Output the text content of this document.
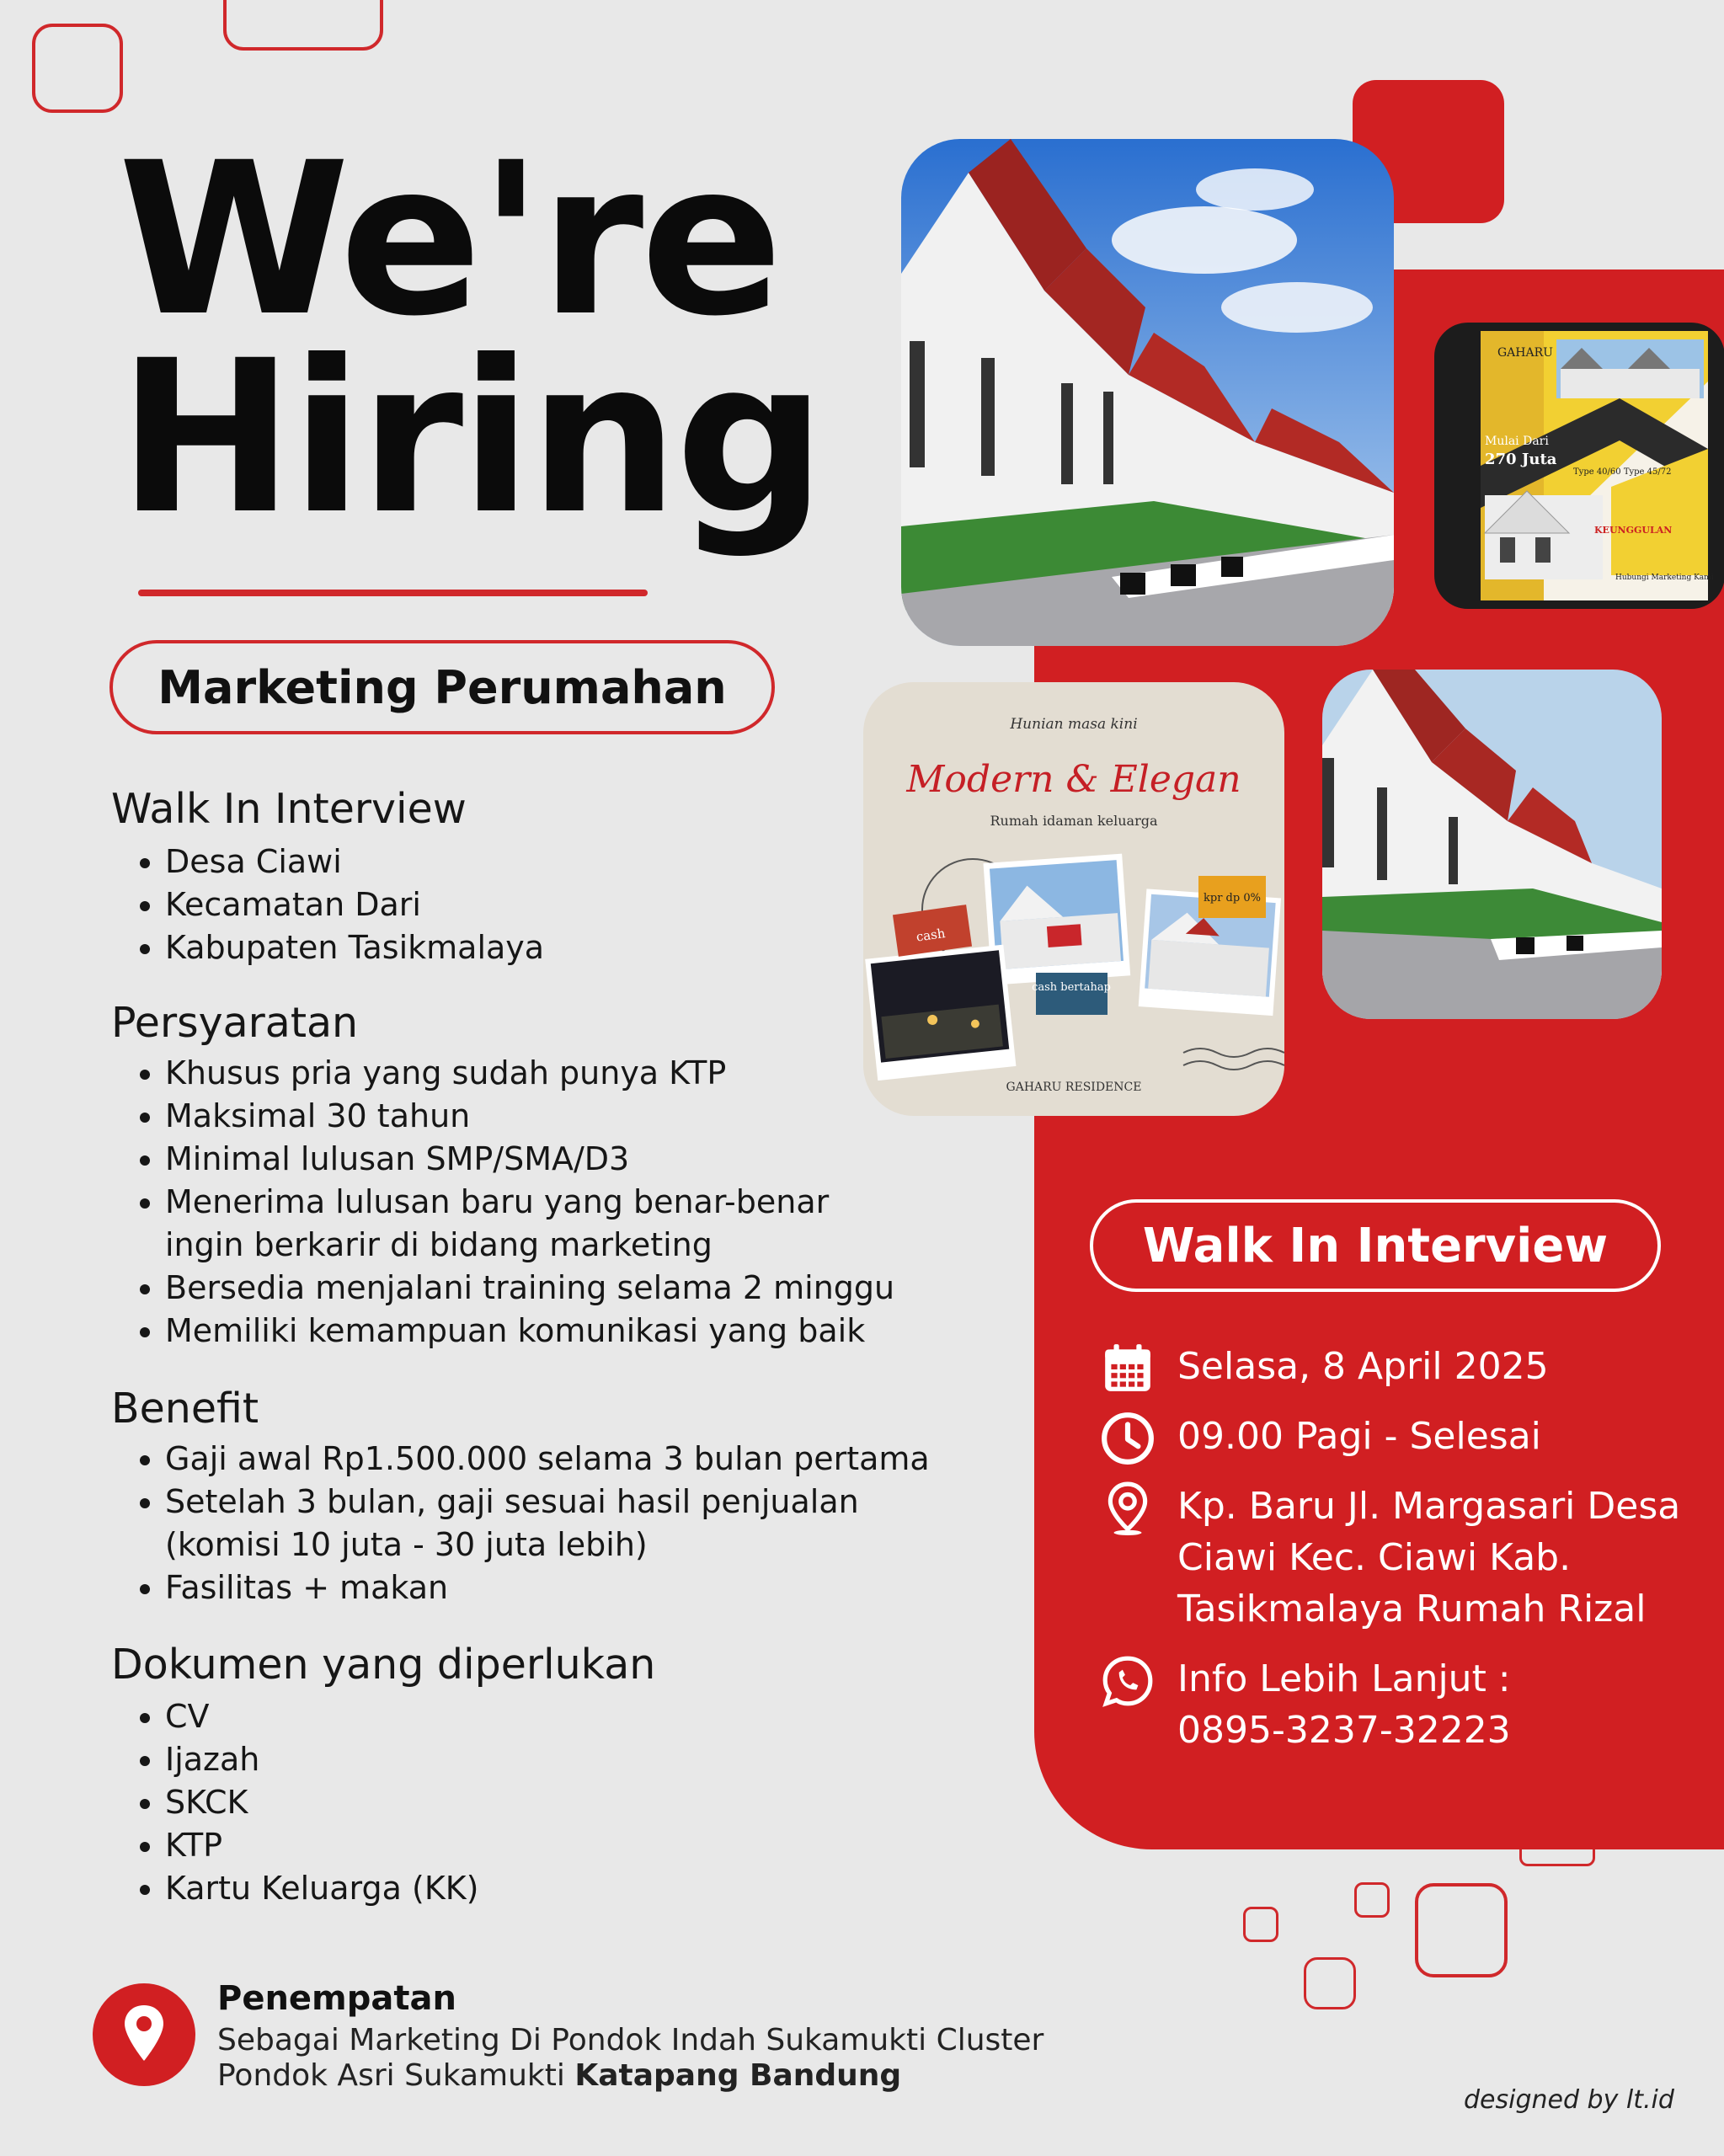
GAHARU
Mulai Dari
270 Juta
Type 40/60 Type 45/72
KEUNGGULAN
Hubungi Marketing Kami
Hunian masa kini
Modern & Elegan
Rumah idaman keluarga
cash
cash bertahap
kpr dp 0%
GAHARU RESIDENCE
We're
Hiring
Marketing Perumahan
Walk In Interview
• Desa Ciawi
• Kecamatan Dari
• Kabupaten Tasikmalaya
Persyaratan
• Khusus pria yang sudah punya KTP
• Maksimal 30 tahun
• Minimal lulusan SMP/SMA/D3
• Menerima lulusan baru yang benar-benar ingin berkarir di bidang marketing
• Bersedia menjalani training selama 2 minggu
• Memiliki kemampuan komunikasi yang baik
Benefit
• Gaji awal Rp1.500.000 selama 3 bulan pertama
• Setelah 3 bulan, gaji sesuai hasil penjualan (komisi 10 juta - 30 juta lebih)
• Fasilitas + makan
Dokumen yang diperlukan
• CV
• Ijazah
• SKCK
• KTP
• Kartu Keluarga (KK)
Walk In Interview
Selasa, 8 April 2025
09.00 Pagi - Selesai
Kp. Baru Jl. Margasari Desa Ciawi Kec. Ciawi Kab. Tasikmalaya Rumah Rizal
Info Lebih Lanjut :
0895-3237-32223
Penempatan
Sebagai Marketing Di Pondok Indah Sukamukti Cluster Pondok Asri Sukamukti Katapang Bandung
designed by lt.id
